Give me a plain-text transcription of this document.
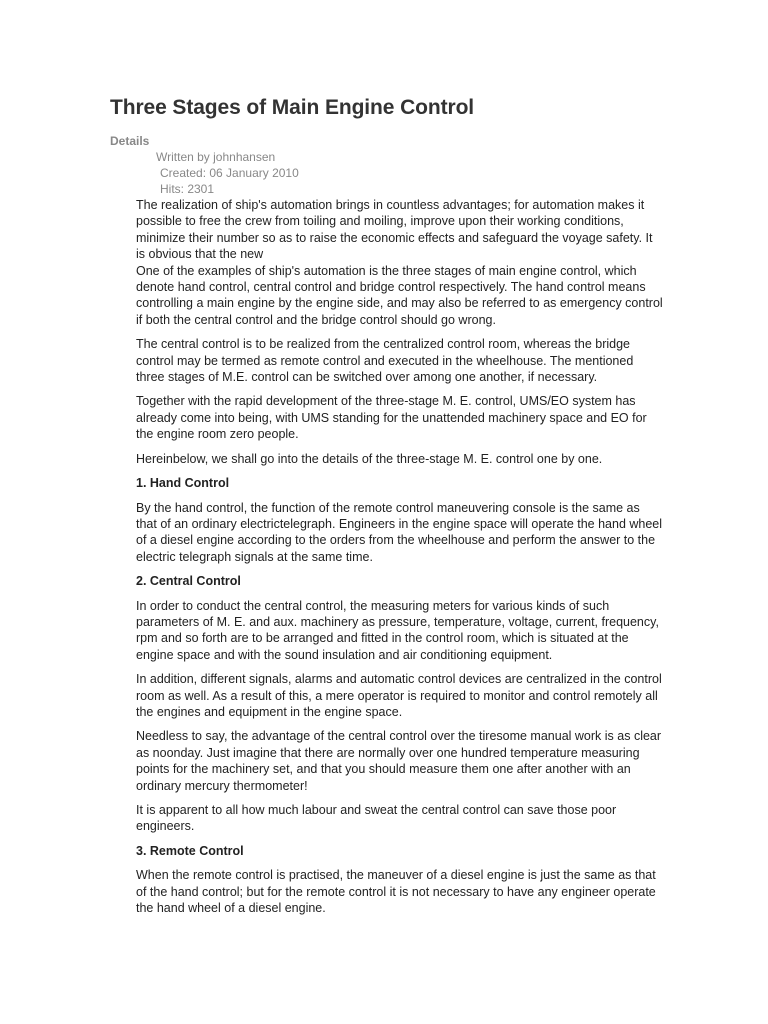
Three Stages of Main Engine Control
Details
Written by johnhansen
Created: 06 January 2010
Hits: 2301

The realization of ship's automation brings in countless advantages; for automation makes it possible to free the crew from toiling and moiling, improve upon their working conditions, minimize their number so as to raise the economic effects and safeguard the voyage safety. It is obvious that the new

One of the examples of ship's automation is the three stages of main engine control, which denote hand control, central control and bridge control respectively. The hand control means controlling a main engine by the engine side, and may also be referred to as emergency control if both the central control and the bridge control should go wrong.

The central control is to be realized from the centralized control room, whereas the bridge control may be termed as remote control and executed in the wheelhouse. The mentioned three stages of M.E. control can be switched over among one another, if necessary.

Together with the rapid development of the three-stage M. E. control, UMS/EO system has already come into being, with UMS standing for the unattended machinery space and EO for the engine room zero people.

Hereinbelow, we shall go into the details of the three-stage M. E. control one by one.

1. Hand Control

By the hand control, the function of the remote control maneuvering console is the same as that of an ordinary electrictelegraph. Engineers in the engine space will operate the hand wheel of a diesel engine according to the orders from the wheelhouse and perform the answer to the electric telegraph signals at the same time.

2. Central Control

In order to conduct the central control, the measuring meters for various kinds of such parameters of M. E. and aux. machinery as pressure, temperature, voltage, current, frequency, rpm and so forth are to be arranged and fitted in the control room, which is situated at the engine space and with the sound insulation and air conditioning equipment.

In addition, different signals, alarms and automatic control devices are centralized in the control room as well. As a result of this, a mere operator is required to monitor and control remotely all the engines and equipment in the engine space.

Needless to say, the advantage of the central control over the tiresome manual work is as clear as noonday. Just imagine that there are normally over one hundred temperature measuring points for the machinery set, and that you should measure them one after another with an ordinary mercury thermometer!

It is apparent to all how much labour and sweat the central control can save those poor engineers.

3. Remote Control

When the remote control is practised, the maneuver of a diesel engine is just the same as that of the hand control; but for the remote control it is not necessary to have any engineer operate the hand wheel of a diesel engine.
